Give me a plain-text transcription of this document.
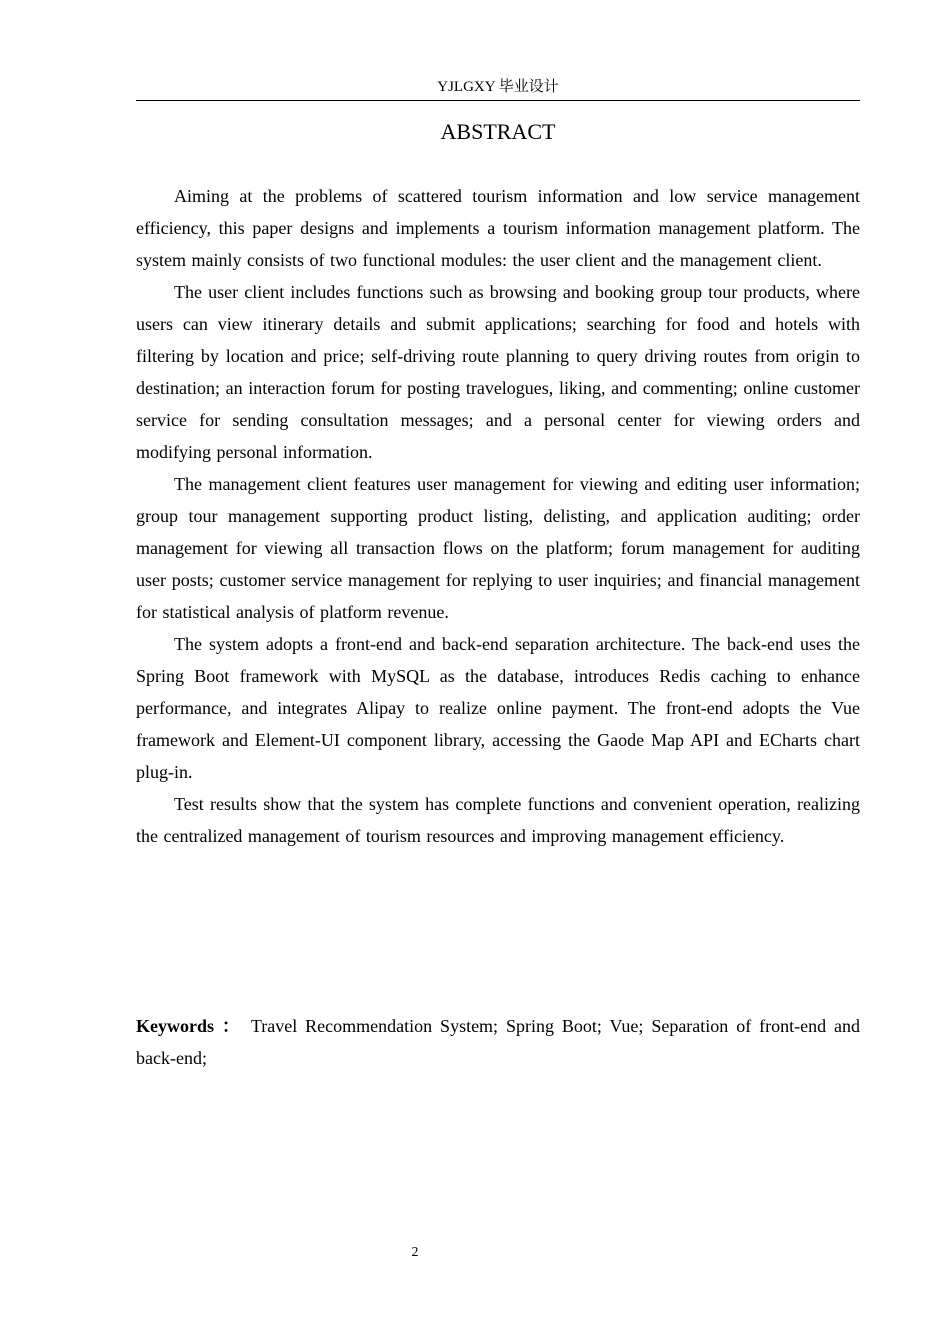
YJLGXY 毕业设计
ABSTRACT

Aiming at the problems of scattered tourism information and low service management efficiency, this paper designs and implements a tourism information management platform. The system mainly consists of two functional modules: the user client and the management client.

The user client includes functions such as browsing and booking group tour products, where users can view itinerary details and submit applications; searching for food and hotels with filtering by location and price; self-driving route planning to query driving routes from origin to destination; an interaction forum for posting travelogues, liking, and commenting; online customer service for sending consultation messages; and a personal center for viewing orders and modifying personal information.

The management client features user management for viewing and editing user information; group tour management supporting product listing, delisting, and application auditing; order management for viewing all transaction flows on the platform; forum management for auditing user posts; customer service management for replying to user inquiries; and financial management for statistical analysis of platform revenue.

The system adopts a front-end and back-end separation architecture. The back-end uses the Spring Boot framework with MySQL as the database, introduces Redis caching to enhance performance, and integrates Alipay to realize online payment. The front-end adopts the Vue framework and Element-UI component library, accessing the Gaode Map API and ECharts chart plug-in.

Test results show that the system has complete functions and convenient operation, realizing the centralized management of tourism resources and improving management efficiency.

Keywords ： Travel Recommendation System; Spring Boot; Vue; Separation of front-end and back-end;

2
